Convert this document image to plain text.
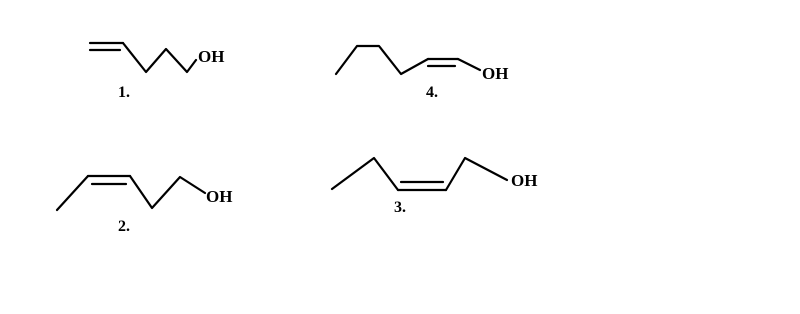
OH
1.
OH
4.
OH
2.
OH
3.
